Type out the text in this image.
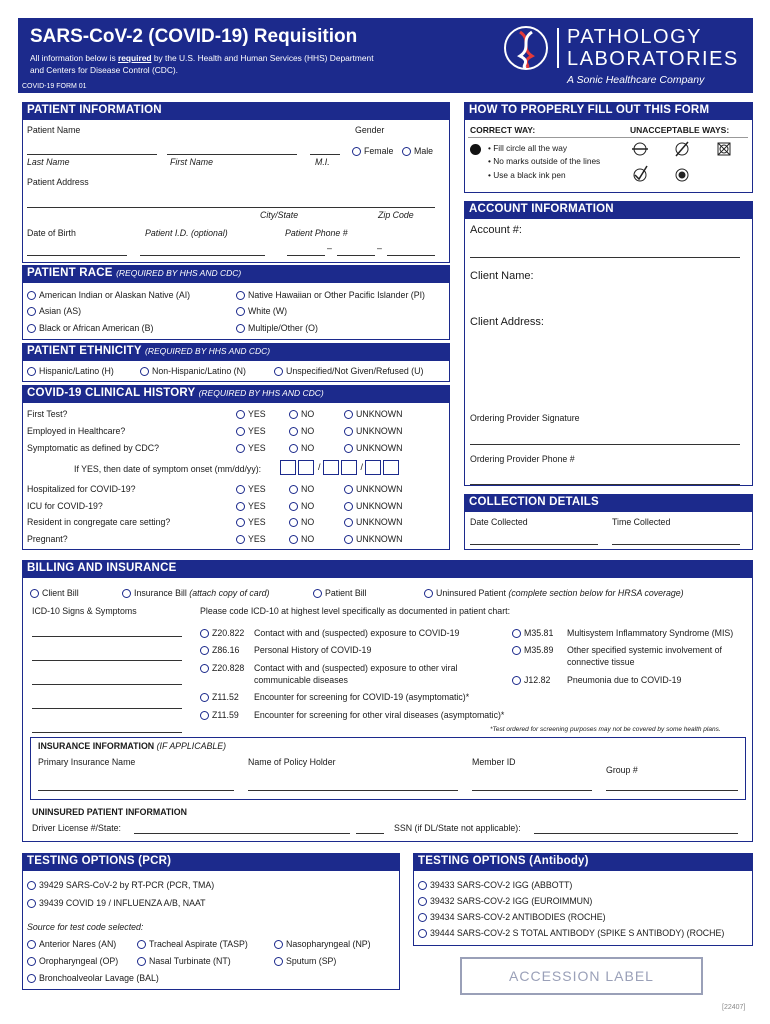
SARS-CoV-2 (COVID-19) Requisition
All information below is required by the U.S. Health and Human Services (HHS) Department
and Centers for Disease Control (CDC).
COVID-19 FORM 01
PATHOLOGY
LABORATORIES
A Sonic Healthcare Company
PATIENT INFORMATION
Patient Name	Gender
Female	Male
Last Name	First Name	M.I.
Patient Address
City/State	Zip Code
Date of Birth	Patient I.D. (optional)	Patient Phone #
–	–
HOW TO PROPERLY FILL OUT THIS FORM
CORRECT WAY:	UNACCEPTABLE WAYS:
• Fill circle all the way
• No marks outside of the lines
• Use a black ink pen
ACCOUNT INFORMATION
Account #:
Client Name:
Client Address:
Ordering Provider Signature
Ordering Provider Phone #
COLLECTION DETAILS
Date Collected	Time Collected
PATIENT RACE (REQUIRED BY HHS AND CDC)
American Indian or Alaskan Native (AI)	Native Hawaiian or Other Pacific Islander (PI)
Asian (AS)	White (W)
Black or African American (B)	Multiple/Other (O)
PATIENT ETHNICITY (REQUIRED BY HHS AND CDC)
Hispanic/Latino (H)	Non-Hispanic/Latino (N)	Unspecified/Not Given/Refused (U)
COVID-19 CLINICAL HISTORY (REQUIRED BY HHS AND CDC)
First Test?	YES	NO	UNKNOWN
Employed in Healthcare?	YES	NO	UNKNOWN
Symptomatic as defined by CDC?	YES	NO	UNKNOWN
Hospitalized for COVID-19?	YES	NO	UNKNOWN
ICU for COVID-19?	YES	NO	UNKNOWN
Resident in congregate care setting?	YES	NO	UNKNOWN
Pregnant?	YES	NO	UNKNOWN
If YES, then date of symptom onset (mm/dd/yy):	/	/
BILLING AND INSURANCE
Client Bill	Insurance Bill (attach copy of card)	Patient Bill	Uninsured Patient (complete section below for HRSA coverage)
ICD-10 Signs & Symptoms	Please code ICD-10 at highest level specifically as documented in patient chart:
Z20.822 Contact with and (suspected) exposure to COVID-19
Z86.16 Personal History of COVID-19
Z20.828 Contact with and (suspected) exposure to other viral
communicable diseases
Z11.52 Encounter for screening for COVID-19 (asymptomatic)*
Z11.59 Encounter for screening for other viral diseases (asymptomatic)*
M35.81 Multisystem Inflammatory Syndrome (MIS)
M35.89 Other specified systemic involvement of
connective tissue
J12.82 Pneumonia due to COVID-19
*Test ordered for screening purposes may not be covered by some health plans.
INSURANCE INFORMATION (IF APPLICABLE)
Primary Insurance Name	Name of Policy Holder	Member ID
Group #
UNINSURED PATIENT INFORMATION
Driver License #/State:	SSN (if DL/State not applicable):
TESTING OPTIONS (PCR)
39429 SARS-CoV-2 by RT-PCR (PCR, TMA)
39439 COVID 19 / INFLUENZA A/B, NAAT
Source for test code selected:
Anterior Nares (AN)	Tracheal Aspirate (TASP)	Nasopharyngeal (NP)
Oropharyngeal (OP)	Nasal Turbinate (NT)	Sputum (SP)
Bronchoalveolar Lavage (BAL)
TESTING OPTIONS (Antibody)
39433 SARS-COV-2 IGG (ABBOTT)
39432 SARS-COV-2 IGG (EUROIMMUN)
39434 SARS-COV-2 ANTIBODIES (ROCHE)
39444 SARS-COV-2 S TOTAL ANTIBODY (SPIKE S ANTIBODY) (ROCHE)
ACCESSION LABEL
[22407]
